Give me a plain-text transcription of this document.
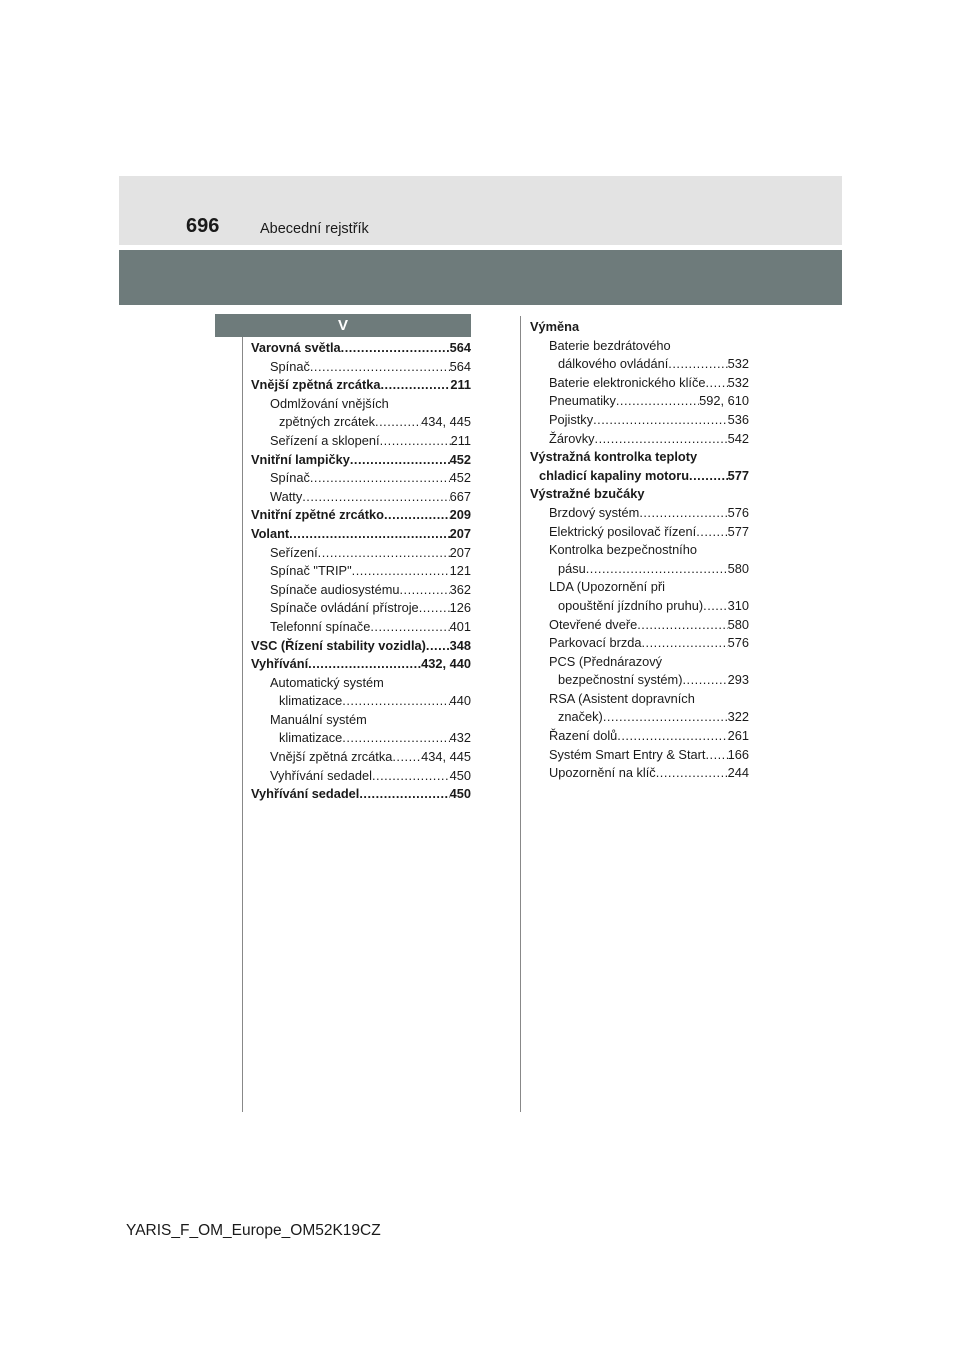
696	Abecední rejstřík
V
Varovná světla .....	564
Spínač .....	564
Vnější zpětná zrcátka .....	211
Odmlžování vnějších
zpětných zrcátek .....	434, 445
Seřízení a sklopení .....	211
Vnitřní lampičky .....	452
Spínač .....	452
Watty .....	667
Vnitřní zpětné zrcátko .....	209
Volant .....	207
Seřízení .....	207
Spínač "TRIP" .....	121
Spínače audiosystému .....	362
Spínače ovládání přístroje ..... 126
Telefonní spínače .....	401
VSC (Řízení stability vozidla) ..... 348
Vyhřívání .....	432, 440
Automatický systém
klimatizace .....	440
Manuální systém
klimatizace .....	432
Vnější zpětná zrcátka ..... 434, 445
Vyhřívání sedadel .....	450
Vyhřívání sedadel .....	450
Výměna
Baterie bezdrátového
dálkového ovládání .....	532
Baterie elektronického klíče ..... 532
Pneumatiky .....	592, 610
Pojistky .....	536
Žárovky .....	542
Výstražná kontrolka teploty
chladicí kapaliny motoru .....	577
Výstražné bzučáky
Brzdový systém .....	576
Elektrický posilovač řízení ..... 577
Kontrolka bezpečnostního
pásu .....	580
LDA (Upozornění při
opouštění jízdního pruhu) ..... 310
Otevřené dveře .....	580
Parkovací brzda .....	576
PCS (Přednárazový
bezpečnostní systém) .....	293
RSA (Asistent dopravních
značek) .....	322
Řazení dolů .....	261
Systém Smart Entry & Start ..... 166
Upozornění na klíč .....	244
YARIS_F_OM_Europe_OM52K19CZ
